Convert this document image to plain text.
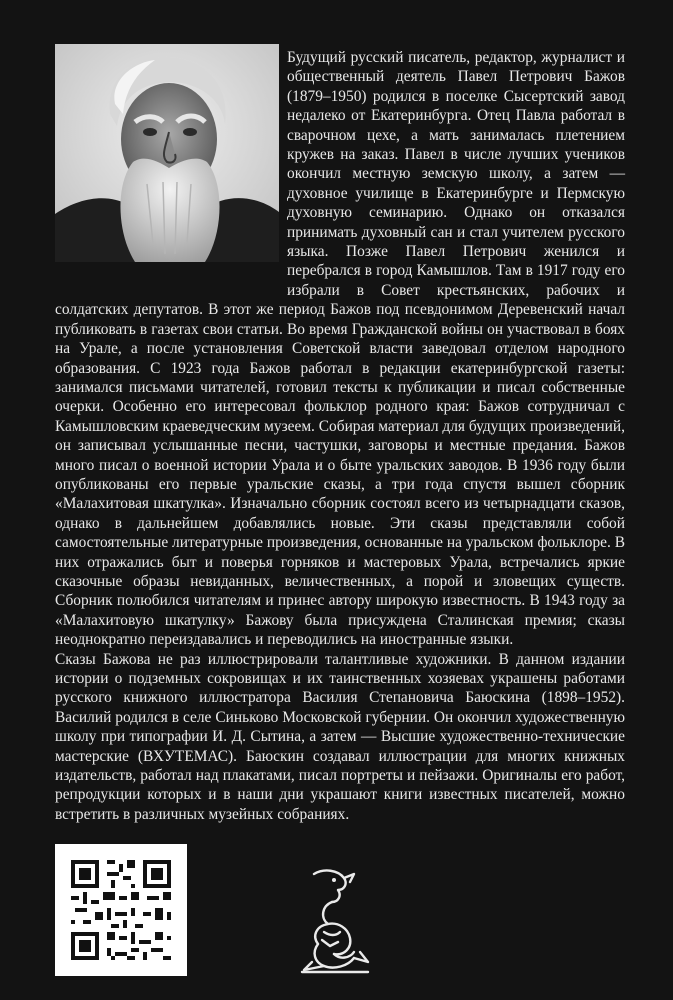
Будущий русский писатель, редактор, журналист и общественный деятель Павел Петрович Бажов (1879–1950) родился в поселке Сысертский завод недалеко от Екатеринбурга. Отец Павла работал в сварочном цехе, а мать занималась плетением кружев на заказ. Павел в числе лучших учеников окончил местную земскую школу, а затем — духовное училище в Екатеринбурге и Пермскую духовную семинарию. Однако он отказался принимать духовный сан и стал учителем русского языка. Позже Павел Петрович женился и перебрался в город Камышлов. Там в 1917 году его избрали в Совет крестьянских, рабочих и солдатских депутатов. В этот же период Бажов под псевдонимом Деревенский начал публиковать в газетах свои статьи. Во время Гражданской войны он участвовал в боях на Урале, а после установления Советской власти заведовал отделом народного образования. С 1923 года Бажов работал в редакции екатеринбургской газеты: занимался письмами читателей, готовил тексты к публикации и писал собственные очерки. Особенно его интересовал фольклор родного края: Бажов сотрудничал с Камышловским краеведческим музеем. Собирая материал для будущих произведений, он записывал услышанные песни, частушки, заговоры и местные предания. Бажов много писал о военной истории Урала и о быте уральских заводов. В 1936 году были опубликованы его первые уральские сказы, а три года спустя вышел сборник «Малахитовая шкатулка». Изначально сборник состоял всего из четырнадцати сказов, однако в дальнейшем добавлялись новые. Эти сказы представляли собой самостоятельные литературные произведения, основанные на уральском фольклоре. В них отражались быт и поверья горняков и мастеровых Урала, встречались яркие сказочные образы невиданных, величественных, а порой и зловещих существ. Сборник полюбился читателям и принес автору широкую известность. В 1943 году за «Малахитовую шкатулку» Бажову была присуждена Сталинская премия; сказы неоднократно переиздавались и переводились на иностранные языки.

Сказы Бажова не раз иллюстрировали талантливые художники. В данном издании истории о подземных сокровищах и их таинственных хозяевах украшены работами русского книжного иллюстратора Василия Степановича Баюскина (1898–1952). Василий родился в селе Синьково Московской губернии. Он окончил художественную школу при типографии И. Д. Сытина, а затем — Высшие художественно-технические мастерские (ВХУТЕМАС). Баюскин создавал иллюстрации для многих книжных издательств, работал над плакатами, писал портреты и пейзажи. Оригиналы его работ, репродукции которых и в наши дни украшают книги известных писателей, можно встретить в различных музейных собраниях.
